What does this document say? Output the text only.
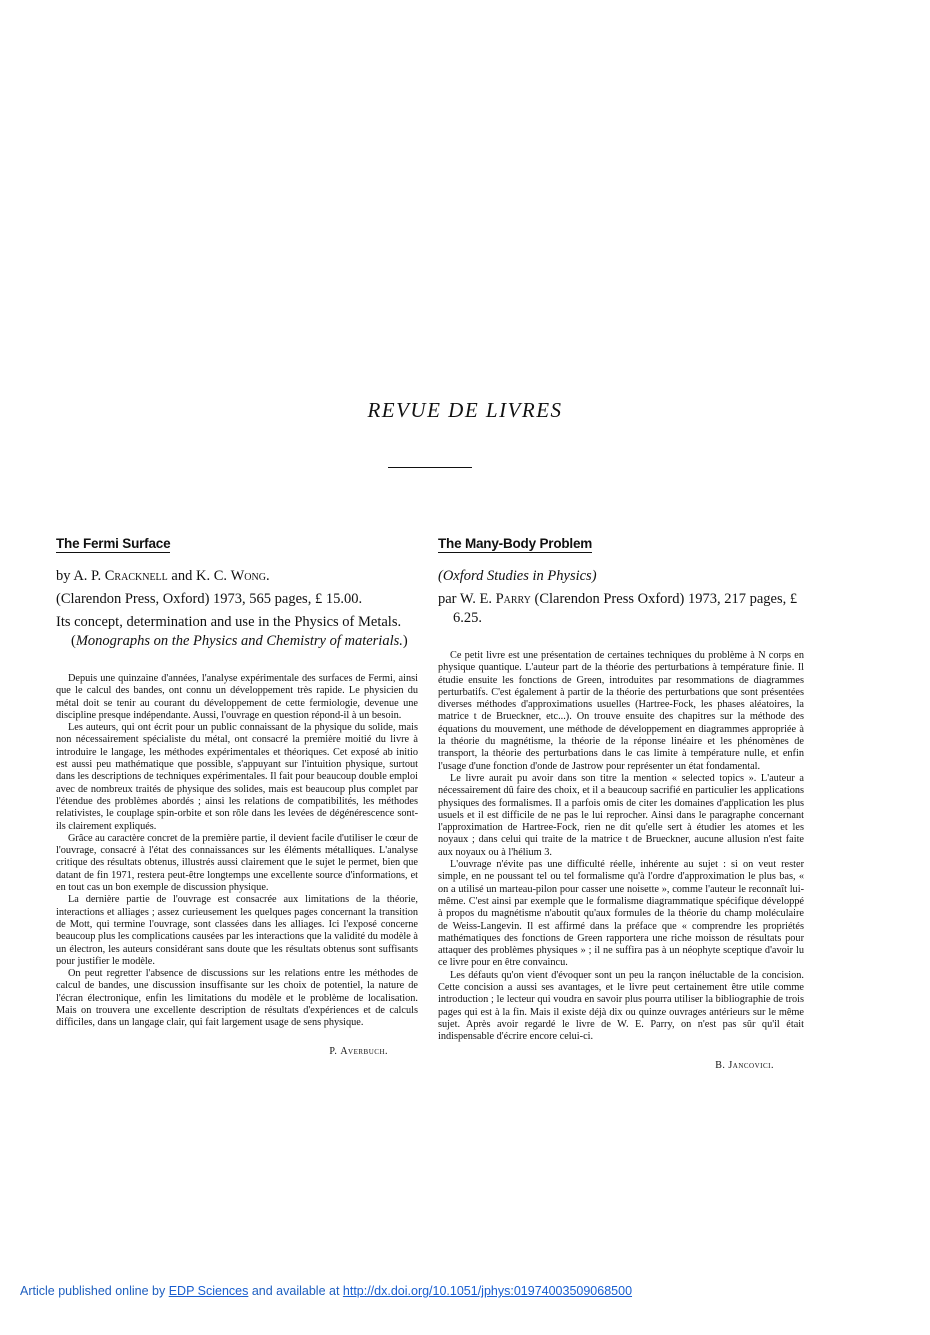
REVUE DE LIVRES
The Fermi Surface

by A. P. Cracknell and K. C. Wong.

(Clarendon Press, Oxford) 1973, 565 pages, £ 15.00.

Its concept, determination and use in the Physics of Metals. (Monographs on the Physics and Chemistry of materials.)

Depuis une quinzaine d'années, l'analyse expérimentale des surfaces de Fermi, ainsi que le calcul des bandes, ont connu un développement très rapide. Le physicien du métal doit se tenir au courant du développement de cette fermiologie, devenue une discipline presque indépendante. Aussi, l'ouvrage en question répond-il à un besoin.

Les auteurs, qui ont écrit pour un public connaissant de la physique du solide, mais non nécessairement spécialiste du métal, ont consacré la première moitié du livre à introduire le langage, les méthodes expérimentales et théoriques. Cet exposé ab initio est aussi peu mathématique que possible, s'appuyant sur l'intuition physique, surtout dans les descriptions de techniques expérimentales. Il fait pour beaucoup double emploi avec de nombreux traités de physique des solides, mais est beaucoup plus complet par l'étendue des problèmes abordés ; ainsi les relations de compatibilités, les méthodes relativistes, le couplage spin-orbite et son rôle dans les levées de dégénérescence sont-ils clairement expliqués.

Grâce au caractère concret de la première partie, il devient facile d'utiliser le cœur de l'ouvrage, consacré à l'état des connaissances sur les éléments métalliques. L'analyse critique des résultats obtenus, illustrés aussi clairement que le sujet le permet, bien que datant de fin 1971, restera peut-être longtemps une excellente source d'informations, et en tout cas un bon exemple de discussion physique.

La dernière partie de l'ouvrage est consacrée aux limitations de la théorie, interactions et alliages ; assez curieusement les quelques pages concernant la transition de Mott, qui termine l'ouvrage, sont classées dans les alliages. Ici l'exposé concerne beaucoup plus les complications causées par les interactions que la validité du modèle à un électron, les auteurs considérant sans doute que les résultats obtenus sont suffisants pour justifier le modèle.

On peut regretter l'absence de discussions sur les relations entre les méthodes de calcul de bandes, une discussion insuffisante sur les choix de potentiel, la nature de l'écran électronique, enfin les limitations du modèle et le problème de localisation. Mais on trouvera une excellente description de résultats d'expériences et de calculs difficiles, dans un langage clair, qui fait largement usage de sens physique.

P. Averbuch.
The Many-Body Problem

(Oxford Studies in Physics)

par W. E. Parry (Clarendon Press Oxford) 1973, 217 pages, £ 6.25.

Ce petit livre est une présentation de certaines techniques du problème à N corps en physique quantique. L'auteur part de la théorie des perturbations à température finie. Il étudie ensuite les fonctions de Green, introduites par resommations de diagrammes perturbatifs. C'est également à partir de la théorie des perturbations que sont présentées diverses méthodes d'approximations usuelles (Hartree-Fock, les phases aléatoires, la matrice t de Brueckner, etc...). On trouve ensuite des chapitres sur la méthode des équations du mouvement, une méthode de développement en diagrammes appropriée à la théorie du magnétisme, la théorie de la réponse linéaire et les phénomènes de transport, la théorie des perturbations dans le cas limite à température nulle, et enfin l'usage d'une fonction d'onde de Jastrow pour représenter un état fondamental.

Le livre aurait pu avoir dans son titre la mention « selected topics ». L'auteur a nécessairement dû faire des choix, et il a beaucoup sacrifié en particulier les applications physiques des formalismes. Il a parfois omis de citer les domaines d'application les plus usuels et il est difficile de ne pas le lui reprocher. Ainsi dans le paragraphe concernant l'approximation de Hartree-Fock, rien ne dit qu'elle sert à étudier les atomes et les noyaux ; dans celui qui traite de la matrice t de Brueckner, aucune allusion n'est faite aux noyaux ou à l'hélium 3.

L'ouvrage n'évite pas une difficulté réelle, inhérente au sujet : si on veut rester simple, en ne poussant tel ou tel formalisme qu'à l'ordre d'approximation le plus bas, « on a utilisé un marteau-pilon pour casser une noisette », comme l'auteur le reconnaît lui-même. C'est ainsi par exemple que le formalisme diagrammatique spécifique développé à propos du magnétisme n'aboutit qu'aux formules de la théorie du champ moléculaire de Weiss-Langevin. Il est affirmé dans la préface que « comprendre les propriétés mathématiques des fonctions de Green rapportera une riche moisson de résultats pour attaquer des problèmes physiques » ; il ne suffira pas à un néophyte sceptique d'avoir lu ce livre pour en être convaincu.

Les défauts qu'on vient d'évoquer sont un peu la rançon inéluctable de la concision. Cette concision a aussi ses avantages, et le livre peut certainement être utile comme introduction ; le lecteur qui voudra en savoir plus pourra utiliser la bibliographie de trois pages qui est à la fin. Mais il existe déjà dix ou quinze ouvrages antérieurs sur le même sujet. Après avoir regardé le livre de W. E. Parry, on n'est pas sûr qu'il était indispensable d'écrire encore celui-ci.

B. Jancovici.
Article published online by EDP Sciences and available at http://dx.doi.org/10.1051/jphys:01974003509068500
